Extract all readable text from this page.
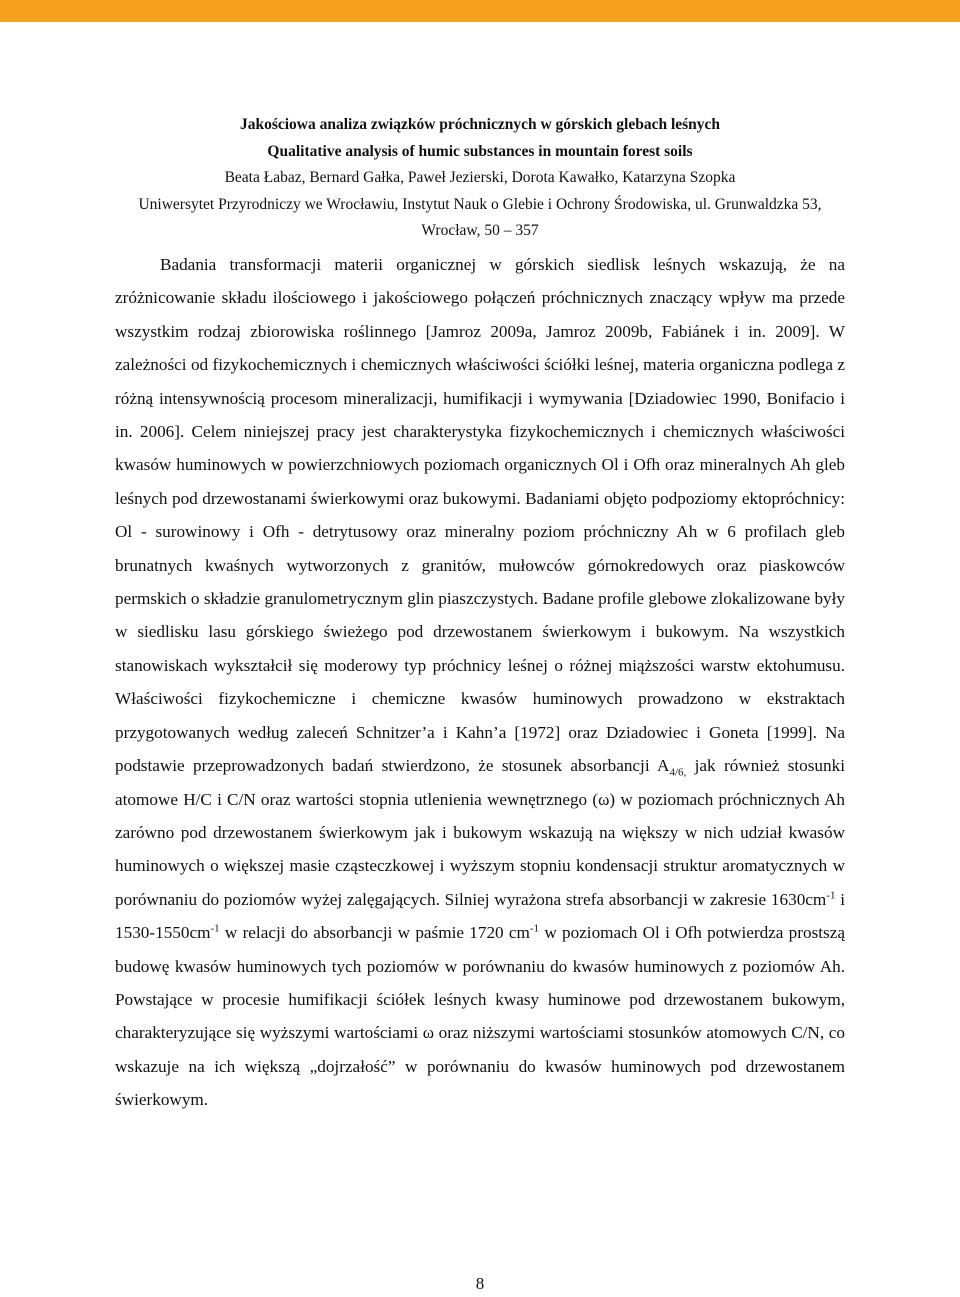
Jakościowa analiza związków próchnicznych w górskich glebach leśnych
Qualitative analysis of humic substances in mountain forest soils
Beata Łabaz, Bernard Gałka, Paweł Jezierski, Dorota Kawałko, Katarzyna Szopka
Uniwersytet Przyrodniczy we Wrocławiu, Instytut Nauk o Glebie i Ochrony Środowiska, ul. Grunwaldzka 53, Wrocław, 50 – 357

Badania transformacji materii organicznej w górskich siedlisk leśnych wskazują, że na zróżnicowanie składu ilościowego i jakościowego połączeń próchnicznych znaczący wpływ ma przede wszystkim rodzaj zbiorowiska roślinnego [Jamroz 2009a, Jamroz 2009b, Fabiánek i in. 2009]. W zależności od fizykochemicznych i chemicznych właściwości ściółki leśnej, materia organiczna podlega z różną intensywnością procesom mineralizacji, humifikacji i wymywania [Dziadowiec 1990, Bonifacio i in. 2006]. Celem niniejszej pracy jest charakterystyka fizykochemicznych i chemicznych właściwości kwasów huminowych w powierzchniowych poziomach organicznych Ol i Ofh oraz mineralnych Ah gleb leśnych pod drzewostanami świerkowymi oraz bukowymi. Badaniami objęto podpoziomy ektopróchnicy: Ol - surowinowy i Ofh - detrytusowy oraz mineralny poziom próchniczny Ah w 6 profilach gleb brunatnych kwaśnych wytworzonych z granitów, mułowców górnokredowych oraz piaskowców permskich o składzie granulometrycznym glin piaszczystych. Badane profile glebowe zlokalizowane były w siedlisku lasu górskiego świeżego pod drzewostanem świerkowym i bukowym. Na wszystkich stanowiskach wykształcił się moderowy typ próchnicy leśnej o różnej miąższości warstw ektohumusu. Właściwości fizykochemiczne i chemiczne kwasów huminowych prowadzono w ekstraktach przygotowanych według zaleceń Schnitzer’a i Kahn’a [1972] oraz Dziadowiec i Goneta [1999]. Na podstawie przeprowadzonych badań stwierdzono, że stosunek absorbancji $A_{4/6,}$ jak również stosunki atomowe H/C i C/N oraz wartości stopnia utlenienia wewnętrznego (ω) w poziomach próchnicznych Ah zarówno pod drzewostanem świerkowym jak i bukowym wskazują na większy w nich udział kwasów huminowych o większej masie cząsteczkowej i wyższym stopniu kondensacji struktur aromatycznych w porównaniu do poziomów wyżej zalęgających. Silniej wyrażona strefa absorbancji w zakresie $1630cm^{-1}$ i $1530-1550cm^{-1}$ w relacji do absorbancji w paśmie 1720 $cm^{-1}$ w poziomach Ol i Ofh potwierdza prostszą budowę kwasów huminowych tych poziomów w porównaniu do kwasów huminowych z poziomów Ah. Powstające w procesie humifikacji ściółek leśnych kwasy huminowe pod drzewostanem bukowym, charakteryzujące się wyższymi wartościami ω oraz niższymi wartościami stosunków atomowych C/N, co wskazuje na ich większą „dojrzałość” w porównaniu do kwasów huminowych pod drzewostanem świerkowym.

8
